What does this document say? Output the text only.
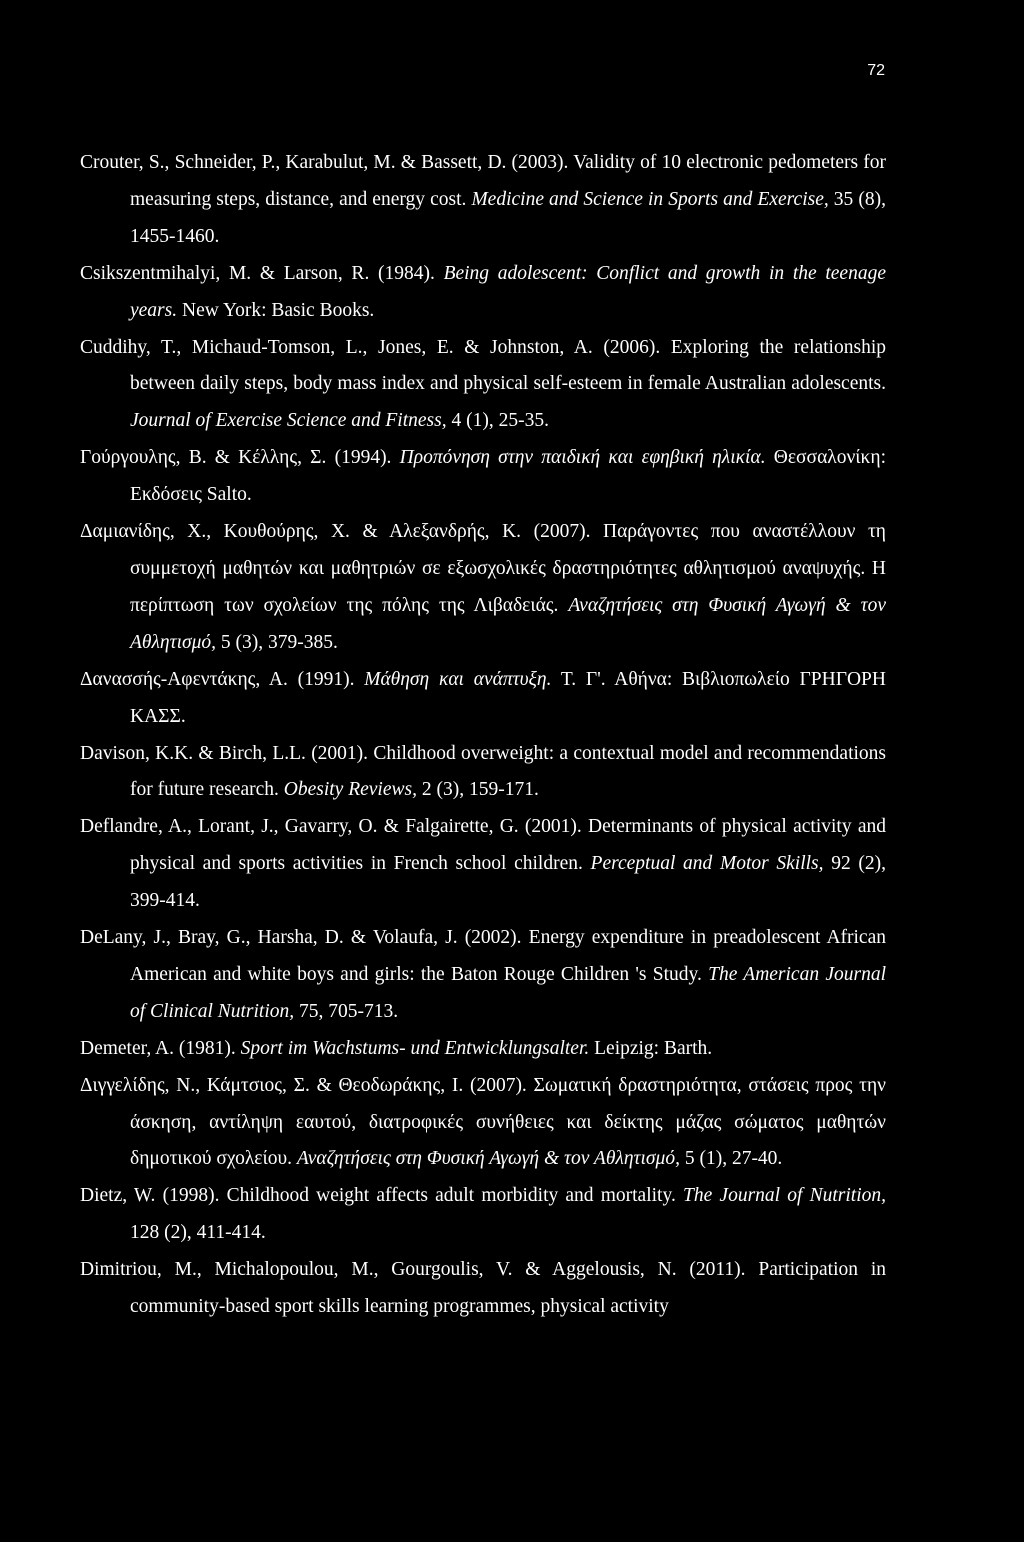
72

Crouter, S., Schneider, P., Karabulut, M. & Bassett, D. (2003). Validity of 10 electronic pedometers for measuring steps, distance, and energy cost. Medicine and Science in Sports and Exercise, 35 (8), 1455-1460.

Csikszentmihalyi, M. & Larson, R. (1984). Being adolescent: Conflict and growth in the teenage years. New York: Basic Books.

Cuddihy, T., Michaud-Tomson, L., Jones, E. & Johnston, A. (2006). Exploring the relationship between daily steps, body mass index and physical self-esteem in female Australian adolescents. Journal of Exercise Science and Fitness, 4 (1), 25-35.

Γούργουλης, Β. & Κέλλης, Σ. (1994). Προπόνηση στην παιδική και εφηβική ηλικία. Θεσσαλονίκη: Εκδόσεις Salto.

Δαμιανίδης, Χ., Κουθούρης, Χ. & Αλεξανδρής, Κ. (2007). Παράγοντες που αναστέλλουν τη συμμετοχή μαθητών και μαθητριών σε εξωσχολικές δραστηριότητες αθλητισμού αναψυχής. Η περίπτωση των σχολείων της πόλης της Λιβαδειάς. Αναζητήσεις στη Φυσική Αγωγή & τον Αθλητισμό, 5 (3), 379-385.

Δανασσής-Αφεντάκης, Α. (1991). Μάθηση και ανάπτυξη. Τ. Γ'. Αθήνα: Βιβλιοπωλείο ΓΡΗΓΟΡΗ ΚΑΣΣ.

Davison, K.K. & Birch, L.L. (2001). Childhood overweight: a contextual model and recommendations for future research. Obesity Reviews, 2 (3), 159-171.

Deflandre, A., Lorant, J., Gavarry, O. & Falgairette, G. (2001). Determinants of physical activity and physical and sports activities in French school children. Perceptual and Motor Skills, 92 (2), 399-414.

DeLany, J., Bray, G., Harsha, D. & Volaufa, J. (2002). Energy expenditure in preadolescent African American and white boys and girls: the Baton Rouge Children 's Study. The American Journal of Clinical Nutrition, 75, 705-713.

Demeter, A. (1981). Sport im Wachstums- und Entwicklungsalter. Leipzig: Barth.

Διγγελίδης, Ν., Κάμτσιος, Σ. & Θεοδωράκης, Ι. (2007). Σωματική δραστηριότητα, στάσεις προς την άσκηση, αντίληψη εαυτού, διατροφικές συνήθειες και δείκτης μάζας σώματος μαθητών δημοτικού σχολείου. Αναζητήσεις στη Φυσική Αγωγή & τον Αθλητισμό, 5 (1), 27-40.

Dietz, W. (1998). Childhood weight affects adult morbidity and mortality. The Journal of Nutrition, 128 (2), 411-414.

Dimitriou, M., Michalopoulou, M., Gourgoulis, V. & Aggelousis, N. (2011). Participation in community-based sport skills learning programmes, physical activity
